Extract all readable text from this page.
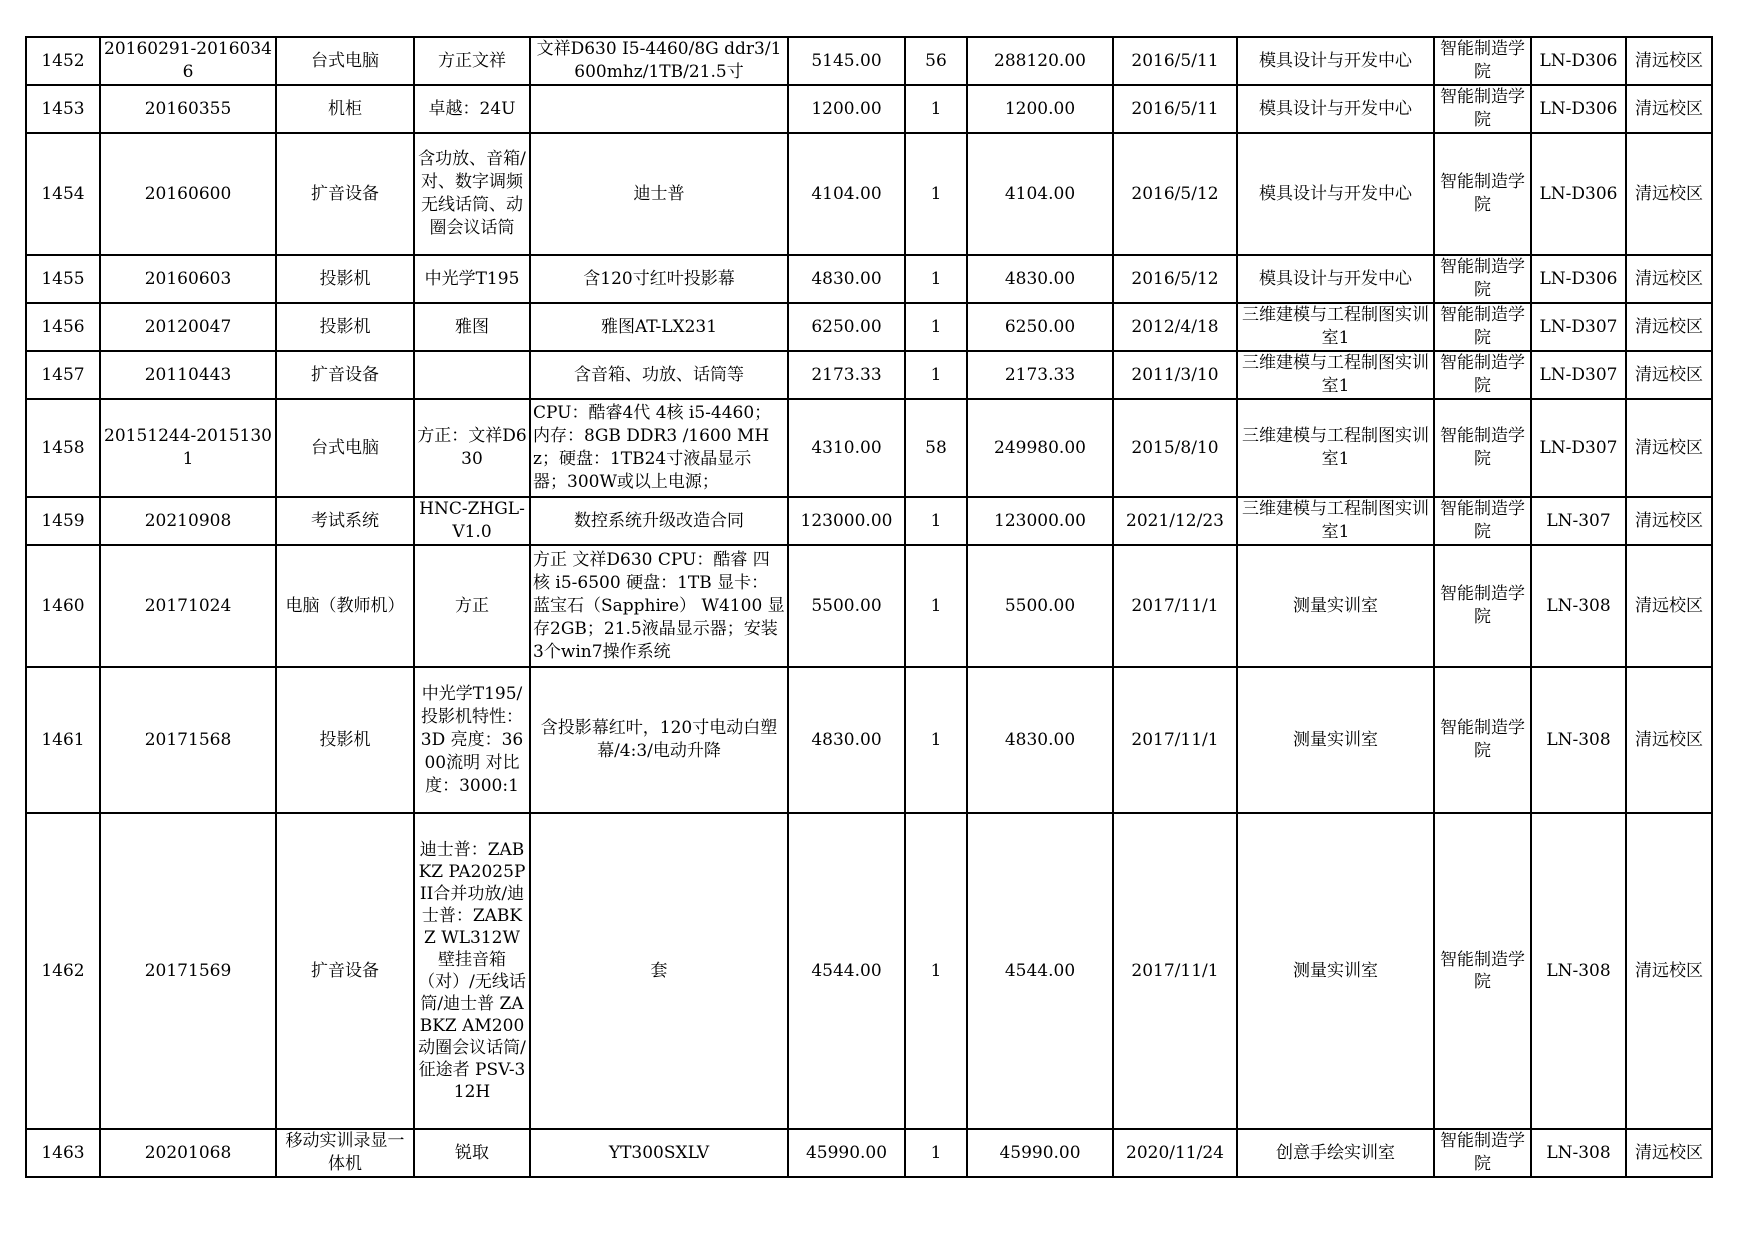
1452	20160291-20160346	台式电脑	方正文祥	文祥D630 I5-4460/8G ddr3/1600mhz/1TB/21.5寸	5145.00	56	288120.00	2016/5/11	模具设计与开发中心	智能制造学院	LN-D306	清远校区
1453	20160355	机柜	卓越：24U		1200.00	1	1200.00	2016/5/11	模具设计与开发中心	智能制造学院	LN-D306	清远校区
1454	20160600	扩音设备	含功放、音箱/对、数字调频无线话筒、动圈会议话筒	迪士普	4104.00	1	4104.00	2016/5/12	模具设计与开发中心	智能制造学院	LN-D306	清远校区
1455	20160603	投影机	中光学T195	含120寸红叶投影幕	4830.00	1	4830.00	2016/5/12	模具设计与开发中心	智能制造学院	LN-D306	清远校区
1456	20120047	投影机	雅图	雅图AT-LX231	6250.00	1	6250.00	2012/4/18	三维建模与工程制图实训室1	智能制造学院	LN-D307	清远校区
1457	20110443	扩音设备		含音箱、功放、话筒等	2173.33	1	2173.33	2011/3/10	三维建模与工程制图实训室1	智能制造学院	LN-D307	清远校区
1458	20151244-20151301	台式电脑	方正：文祥D630	CPU：酷睿4代 4核 i5-4460；内存：8GB DDR3 /1600 MHz；硬盘：1TB24寸液晶显示器；300W或以上电源；	4310.00	58	249980.00	2015/8/10	三维建模与工程制图实训室1	智能制造学院	LN-D307	清远校区
1459	20210908	考试系统	HNC-ZHGL-V1.0	数控系统升级改造合同	123000.00	1	123000.00	2021/12/23	三维建模与工程制图实训室1	智能制造学院	LN-307	清远校区
1460	20171024	电脑（教师机）	方正	方正 文祥D630 CPU：酷睿 四核 i5-6500 硬盘：1TB 显卡：蓝宝石（Sapphire） W4100 显存2GB；21.5液晶显示器；安装3个win7操作系统	5500.00	1	5500.00	2017/11/1	测量实训室	智能制造学院	LN-308	清远校区
1461	20171568	投影机	中光学T195/投影机特性：3D 亮度：3600流明 对比度：3000:1	含投影幕红叶，120寸电动白塑幕/4:3/电动升降	4830.00	1	4830.00	2017/11/1	测量实训室	智能制造学院	LN-308	清远校区
1462	20171569	扩音设备	迪士普：ZABKZ PA2025PII合并功放/迪士普：ZABKZ WL312W壁挂音箱（对）/无线话筒/迪士普 ZABKZ AM200动圈会议话筒/征途者 PSV-312H	套	4544.00	1	4544.00	2017/11/1	测量实训室	智能制造学院	LN-308	清远校区
1463	20201068	移动实训录显一体机	锐取	YT300SXLV	45990.00	1	45990.00	2020/11/24	创意手绘实训室	智能制造学院	LN-308	清远校区
